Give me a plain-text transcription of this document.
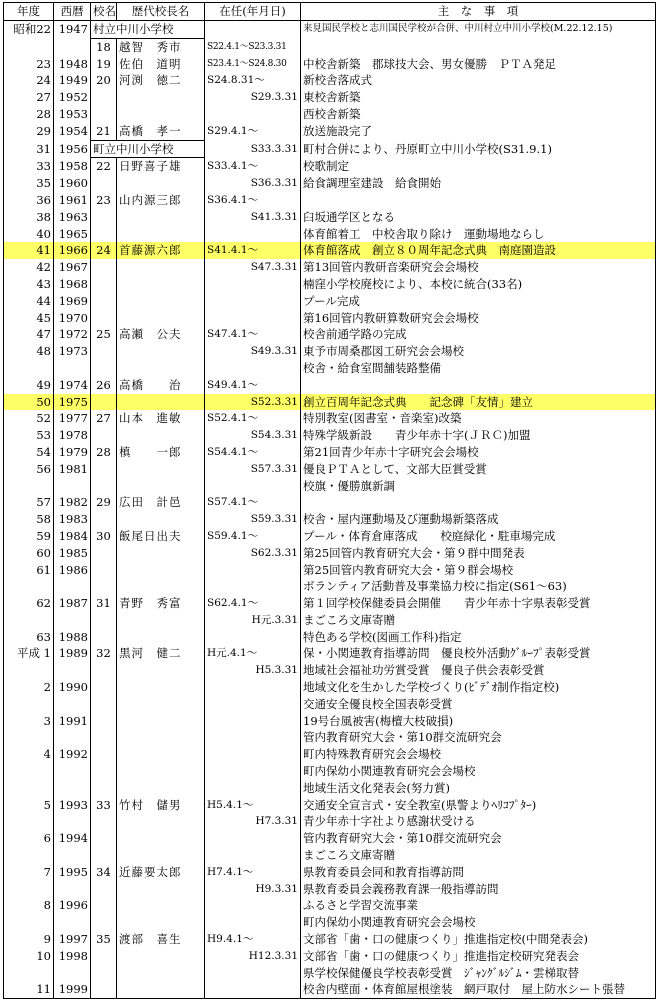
年度	西暦	校名	歴代校長名	在任(年月日)	主　な　事　項
昭和22	1947	村立中川小学校			来見国民学校と志川国民学校が合併、中川村立中川小学校(M.22.12.15)
		18	越智　秀市	S22.4.1～S23.3.31	
23	1948	19	佐伯　道明	S23.4.1～S24.8.30	中校舎新築　郡球技大会、男女優勝　ＰＴＡ発足
24	1949	20	河渕　徳二	S24.8.31～	新校舎落成式
27	1952			S29.3.31	東校舎新築
28	1953				西校舎新築
29	1954	21	高橋　孝一	S29.4.1～	放送施設完了
31	1956	町立中川小学校		S33.3.31	町村合併により、丹原町立中川小学校(S31.9.1)
33	1958	22	日野喜子雄	S33.4.1～	校歌制定
35	1960			S36.3.31	給食調理室建設　給食開始
36	1961	23	山内源三郎	S36.4.1～	
38	1963			S41.3.31	臼坂通学区となる
40	1965				体育館着工　中校舎取り除け　運動場地ならし
41	1966	24	首藤源六郎	S41.4.1～	体育館落成　創立８０周年記念式典　南庭園造設
42	1967			S47.3.31	第13回管内教研音楽研究会会場校
43	1968				楠窪小学校廃校により、本校に統合(33名)
44	1969				プール完成
45	1970				第16回管内教研算数研究会会場校
47	1972	25	高瀬　公夫	S47.4.1～	校舎前通学路の完成
48	1973			S49.3.31	東予市周桑郡図工研究会会場校
					校舎・給食室間舗装路整備
49	1974	26	高橋　　治	S49.4.1～	
50	1975			S52.3.31	創立百周年記念式典　　記念碑「友情」建立
52	1977	27	山本　進敏	S52.4.1～	特別教室(図書室・音楽室)改築
53	1978			S54.3.31	特殊学級新設　　青少年赤十字(ＪＲＣ)加盟
54	1979	28	槙　　一郎	S54.4.1～	第21回青少年赤十字研究会会場校
56	1981			S57.3.31	優良ＰＴＡとして、文部大臣賞受賞
					校旗・優勝旗新調
57	1982	29	広田　計邑	S57.4.1～	
58	1983			S59.3.31	校舎・屋内運動場及び運動場新築落成
59	1984	30	飯尾日出夫	S59.4.1～	プール・体育倉庫落成　　校庭緑化・駐車場完成
60	1985			S62.3.31	第25回管内教育研究大会・第９群中間発表
61	1986				第25回管内教育研究大会・第９群会場校
					ボランティア活動普及事業協力校に指定(S61～63)
62	1987	31	青野　秀富	S62.4.1～	第１回学校保健委員会開催　　青少年赤十字県表彰受賞
				H元.3.31	まごころ文庫寄贈
63	1988				特色ある学校(図画工作科)指定
平成 1	1989	32	黒河　健二	H元.4.1～	保・小関連教育指導訪問　優良校外活動ｸﾞﾙｰﾌﾟ表彰受賞
				H5.3.31	地域社会福祉功労賞受賞　優良子供会表彰受賞
2	1990				地域文化を生かした学校づくり(ﾋﾞﾃﾞｵ制作指定校)
					交通安全優良校全国表彰受賞
3	1991				19号台風被害(梅檀大枝破損)
					管内教育研究大会・第10群交流研究会
4	1992				町内特殊教育研究会会場校
					町内保幼小関連教育研究会会場校
					地域生活文化発表会(努力賞)
5	1993	33	竹村　儲男	H5.4.1～	交通安全宣言式・安全教室(県警よりﾍﾘｺﾌﾟﾀｰ)
				H7.3.31	青少年赤十字社より感謝状受ける
6	1994				管内教育研究大会・第10群交流研究会
					まごころ文庫寄贈
7	1995	34	近藤要太郎	H7.4.1～	県教育委員会同和教育指導訪問
				H9.3.31	県教育委員会義務教育課一般指導訪問
8	1996				ふるさと学習交流事業
					町内保幼小関連教育研究会会場校
9	1997	35	渡部　喜生	H9.4.1～	文部省「歯・口の健康つくり」推進指定校(中間発表会)
10	1998			H12.3.31	文部省「歯・口の健康つくり」推進指定校研究発表会
					県学校保健優良学校表彰受賞　ｼﾞｬﾝｸﾞﾙｼﾞﾑ・雲梯取替
11	1999				校舎内壁面・体育館屋根塗装　網戸取付　屋上防水シート張替
